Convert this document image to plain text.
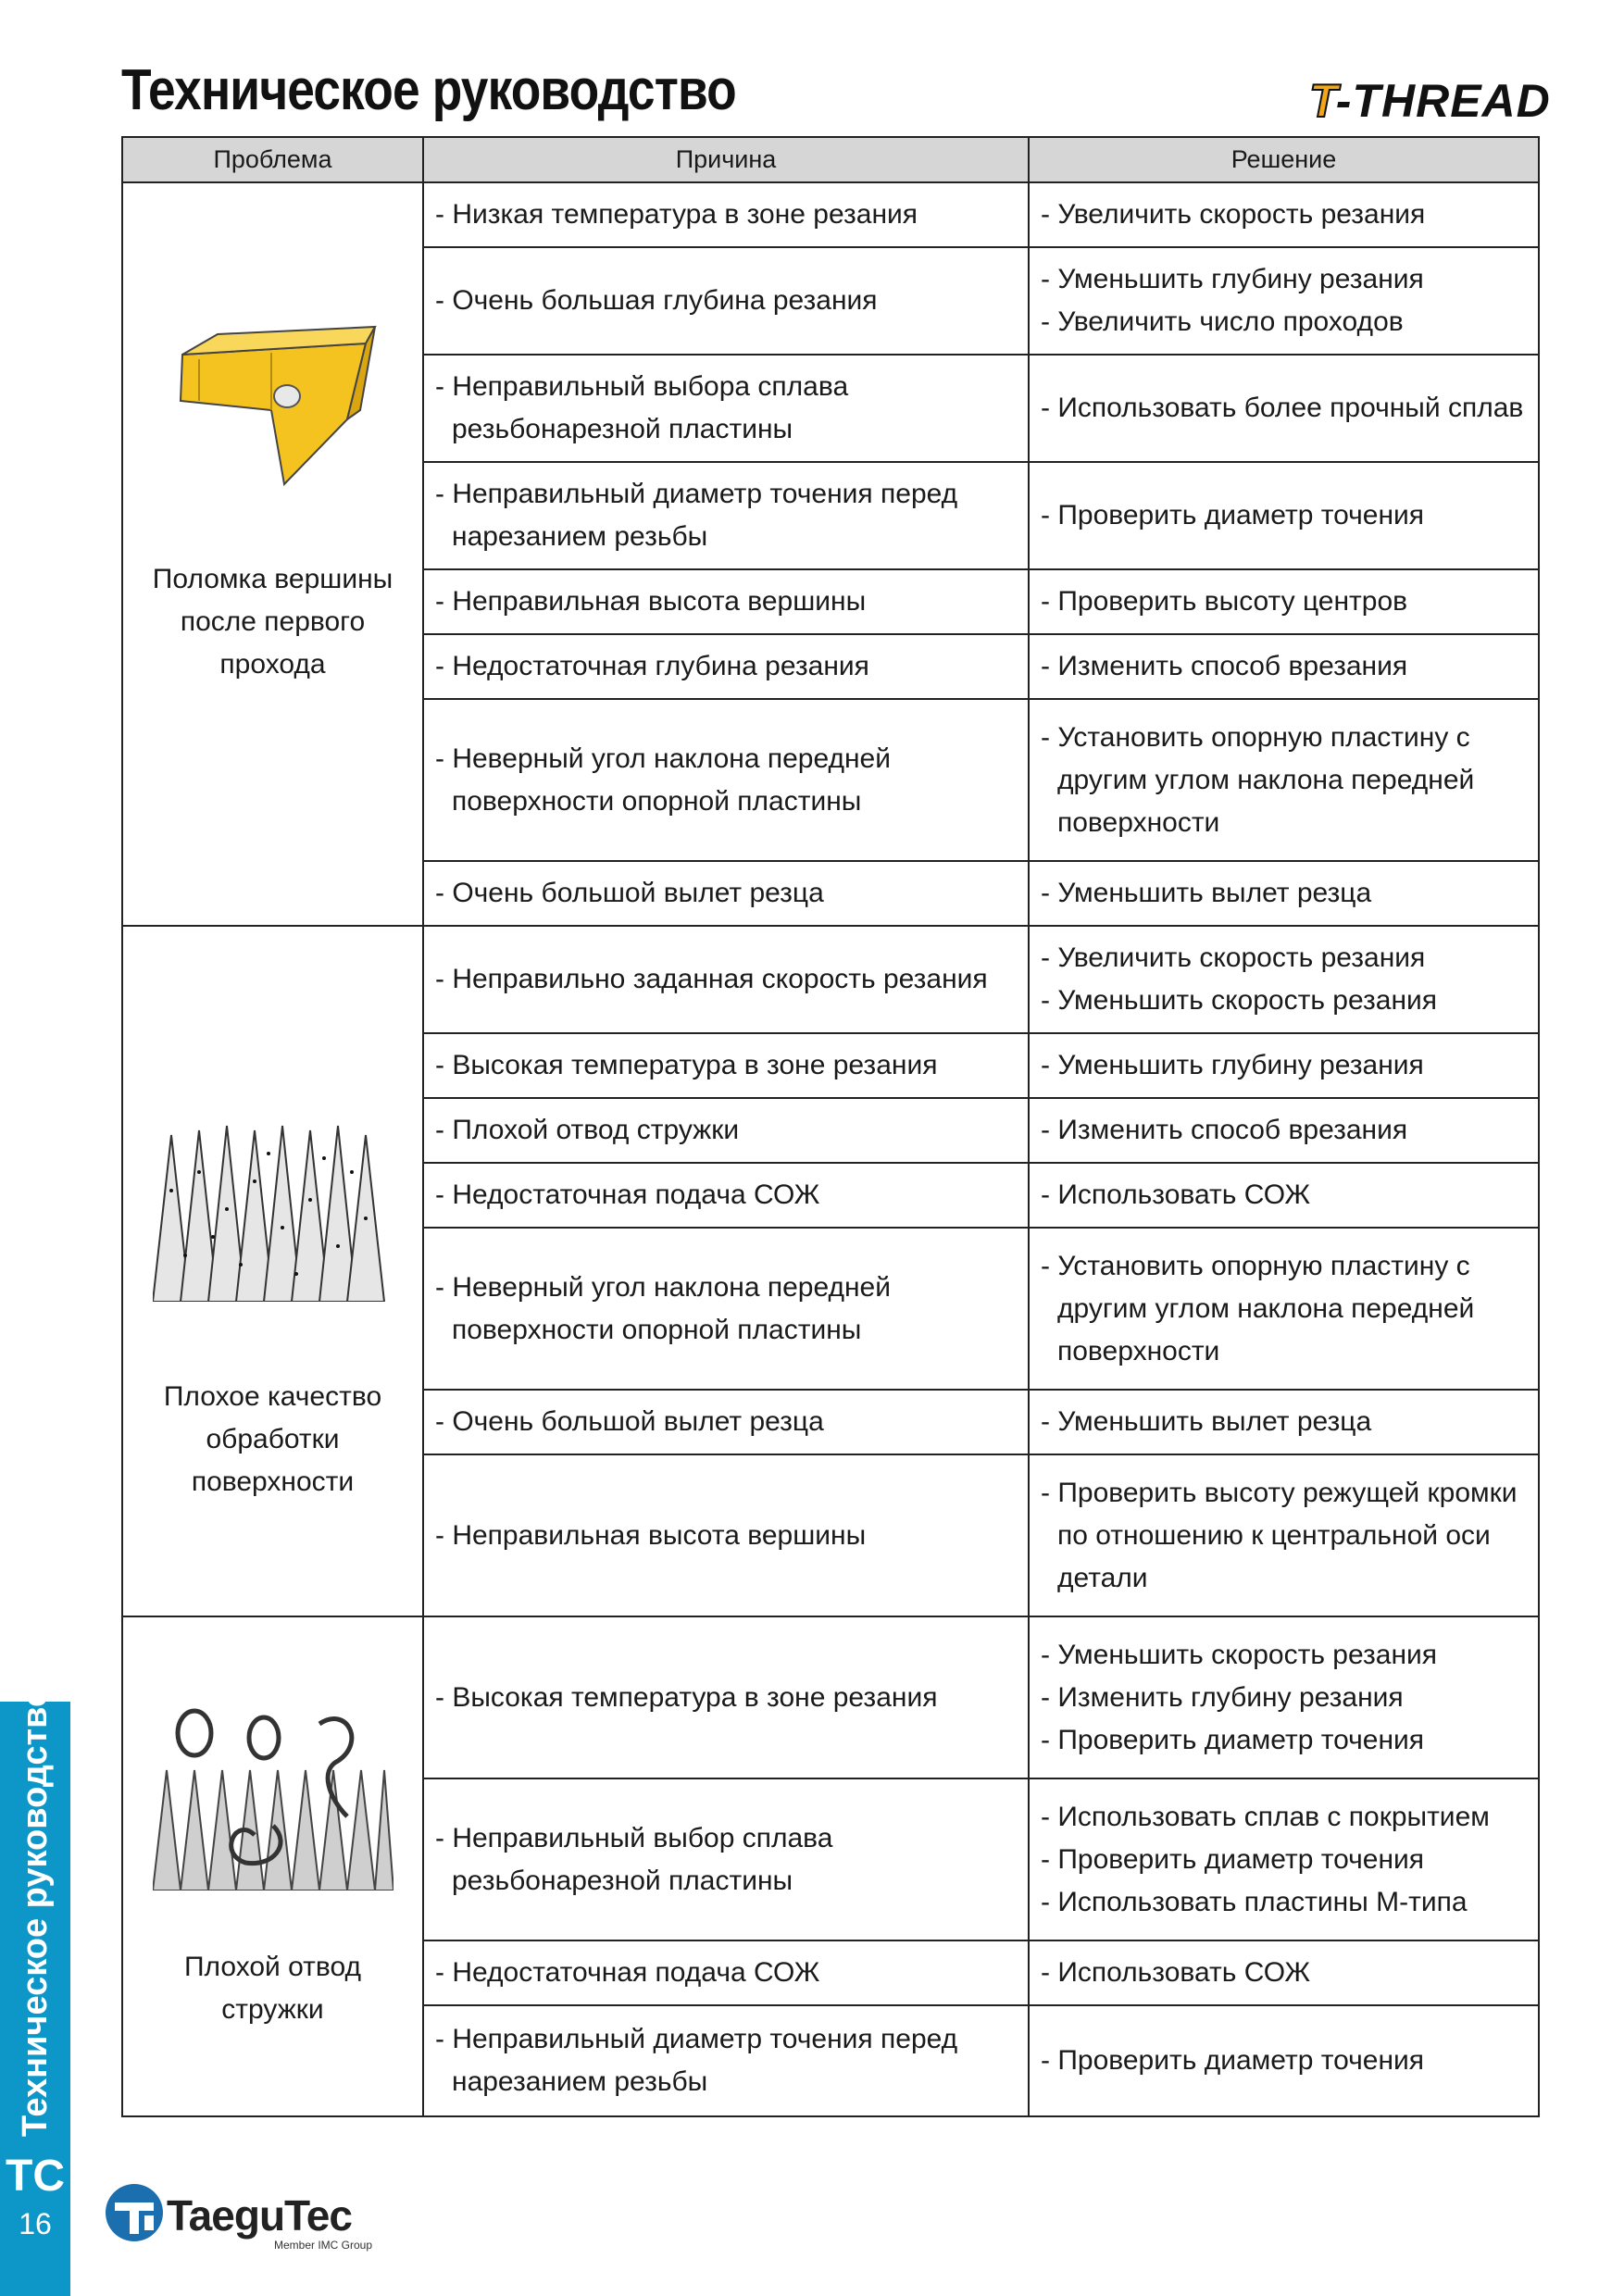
Техническое руководство	T-THREAD
Проблема	Причина	Решение

Поломка вершины
после первого
прохода	- Низкая температура в зоне резания	- Увеличить скорость резания

	- Очень большая глубина резания	- Уменьшить глубину резания
- Увеличить число проходов

	- Неправильный выбора сплава
резьбонарезной пластины	- Использовать более прочный сплав

	- Неправильный диаметр точения перед
нарезанием резьбы	- Проверить диаметр точения

	- Неправильная высота вершины	- Проверить высоту центров

	- Недостаточная глубина резания	- Изменить способ врезания

	- Неверный угол наклона передней
поверхности опорной пластины	- Установить опорную пластину с
другим углом наклона передней
поверхности

	- Очень большой вылет резца	- Уменьшить вылет резца

Плохое качество
обработки
поверхности	- Неправильно заданная скорость резания	- Увеличить скорость резания
- Уменьшить скорость резания

	- Высокая температура в зоне резания	- Уменьшить глубину резания

	- Плохой отвод стружки	- Изменить способ врезания

	- Недостаточная подача СОЖ	- Использовать СОЖ

	- Неверный угол наклона передней
поверхности опорной пластины	- Установить опорную пластину с
другим углом наклона передней
поверхности

	- Очень большой вылет резца	- Уменьшить вылет резца

	- Неправильная высота вершины	- Проверить высоту режущей кромки
по отношению к центральной оси
детали

Плохой отвод
стружки	- Высокая температура в зоне резания	- Уменьшить скорость резания
- Изменить глубину резания
- Проверить диаметр точения

	- Неправильный выбор сплава
резьбонарезной пластины	- Использовать сплав с покрытием
- Проверить диаметр точения
- Использовать пластины М-типа

	- Недостаточная подача СОЖ	- Использовать СОЖ

	- Неправильный диаметр точения перед
нарезанием резьбы	- Проверить диаметр точения
Техническое руководство
TC
16	TaeguTec
Member IMC Group
